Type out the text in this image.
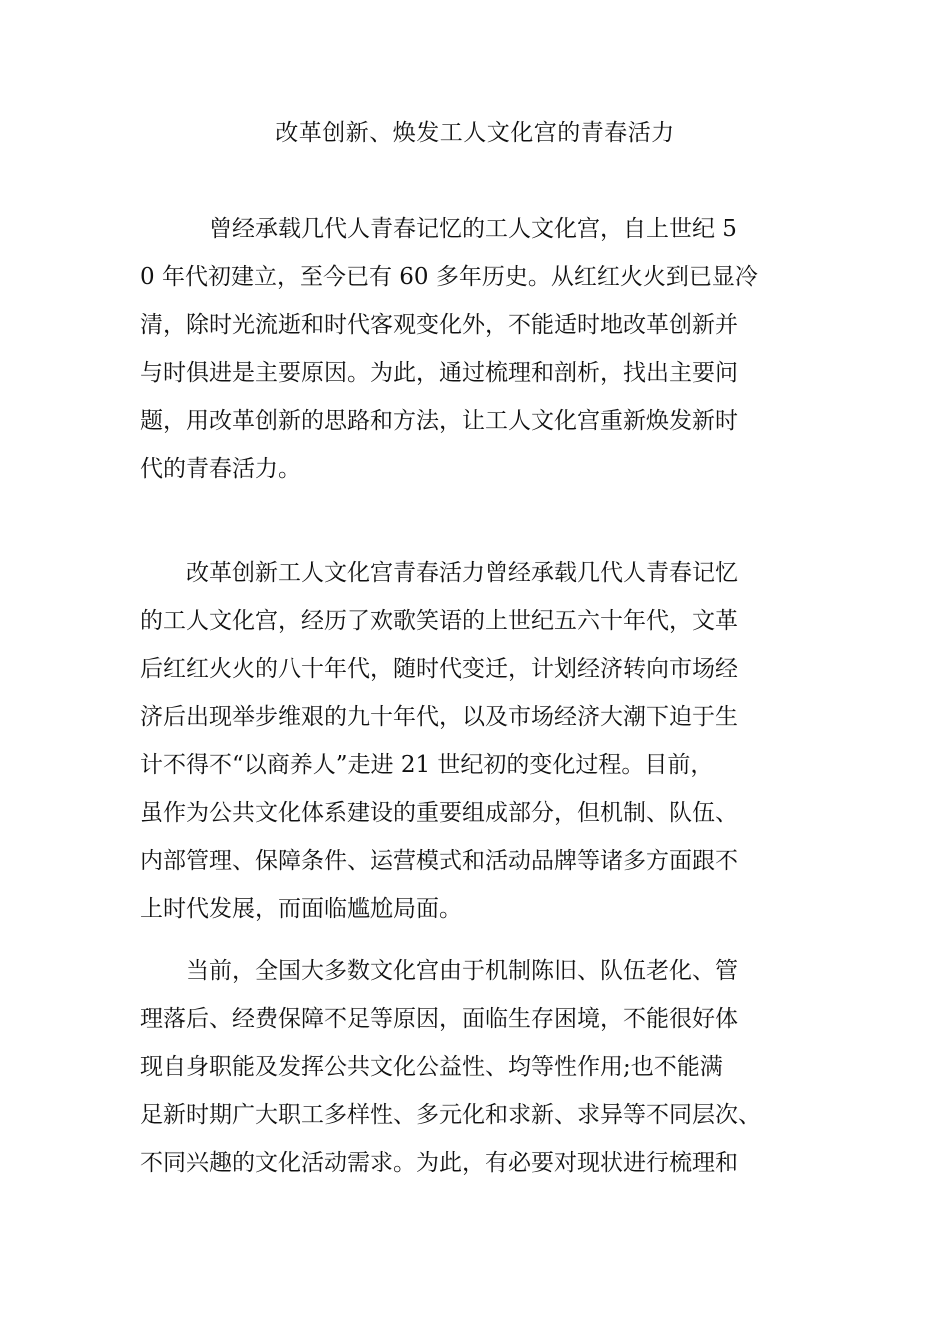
改革创新、焕发工人文化宫的青春活力
　　　曾经承载几代人青春记忆的工人文化宫，自上世纪 5
0 年代初建立，至今已有 60 多年历史。从红红火火到已显冷
清，除时光流逝和时代客观变化外，不能适时地改革创新并
与时俱进是主要原因。为此，通过梳理和剖析，找出主要问
题，用改革创新的思路和方法，让工人文化宫重新焕发新时
代的青春活力。
　　改革创新工人文化宫青春活力曾经承载几代人青春记忆
的工人文化宫，经历了欢歌笑语的上世纪五六十年代，文革
后红红火火的八十年代，随时代变迁，计划经济转向市场经
济后出现举步维艰的九十年代，以及市场经济大潮下迫于生
计不得不“以商养人”走进 21 世纪初的变化过程。目前，
虽作为公共文化体系建设的重要组成部分，但机制、队伍、
内部管理、保障条件、运营模式和活动品牌等诸多方面跟不
上时代发展，而面临尴尬局面。
　　当前，全国大多数文化宫由于机制陈旧、队伍老化、管
理落后、经费保障不足等原因，面临生存困境，不能很好体
现自身职能及发挥公共文化公益性、均等性作用;也不能满
足新时期广大职工多样性、多元化和求新、求异等不同层次、
不同兴趣的文化活动需求。为此，有必要对现状进行梳理和
